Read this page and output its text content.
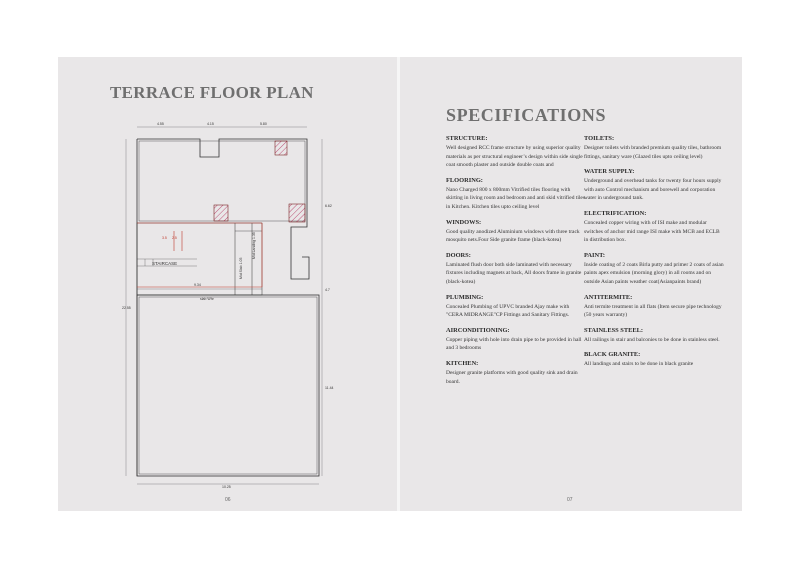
TERRACE FLOOR PLAN
4.55	4.15	5.80
6.62
4.7
11.44
22.55
10.25
9.34
slab Whr
3.5 2.5
Mid Slab 1.05
Mid Landing 1.35
STAIRCASE
06
SPECIFICATIONS
STRUCTURE:

Well designed RCC frame structure by using superior quality materials as per structural engineer’s design within side single coat smooth plaster and outside double coats and

FLOORING:

Nano Charged 800 x 800mm Vitrified tiles flooring with skirting in living room and bedroom and anti skid vitrified tiles in Kitchen. Kitchen tiles upto ceiling level

WINDOWS:

Good quality anodized Aluminium windows with three track mosquito nets.Four Side granite frame (black-kotea)

DOORS:

Laminated flush door both side laminated with necessary fixtures including magnets at back, All doors frame in granite (black-kotea)

PLUMBING:

Concealed Plumbing of UPVC branded Ajay make with "CERA MIDRANGE"CP Fittings and Sanitary Fittings.

AIRCONDITIONING:

Copper piping with hole into drain pipe to be provided in hall and 3 bedrooms

KITCHEN:

Designer granite platforms with good quality sink and drain board.

TOILETS:

Designer toilets with branded premium quality tiles, bathroom fittings, sanitary ware (Glazed tiles upto ceiling level)

WATER SUPPLY:

Underground and overhead tanks for twenty four hours supply with auto Control mechanism and borewell and corporation water in underground tank.

ELECTRIFICATION:

Concealed copper wiring with of ISI make and modular switches of anchor mid range ISI make with MCB and ECLB in distribution box.

PAINT:

Inside coating of 2 coats Birla putty and primer 2 coats of asian paints apex emulsion (morning glory) in all rooms and on outside Asian paints weather coat(Asianpaints brand)

ANTITERMITE:

Anti termite treatment in all flats (Item secure pipe technology (50 years warranty)

STAINLESS STEEL:

All railings in stair and balconies to be done in stainless steel.

BLACK GRANITE:

All landings and stairs to be done in black granite

07
